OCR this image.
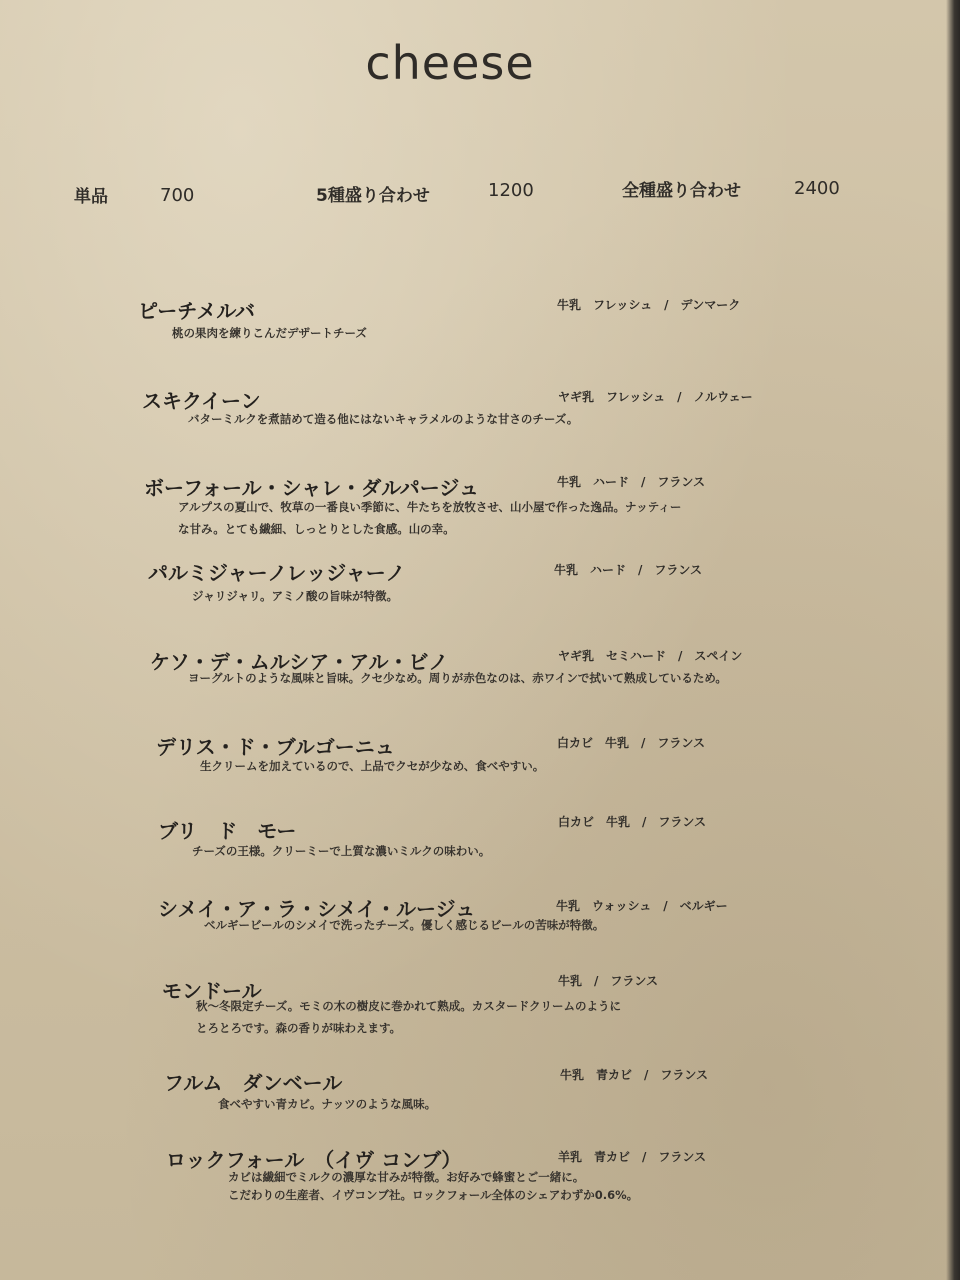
cheese
単品	700	5種盛り合わせ	1200	全種盛り合わせ	2400
ピーチメルバ	牛乳　フレッシュ　/　デンマーク
桃の果肉を練りこんだデザートチーズ
スキクイーン	ヤギ乳　フレッシュ　/　ノルウェー
バターミルクを煮詰めて造る他にはないキャラメルのような甘さのチーズ。
ボーフォール・シャレ・ダルパージュ	牛乳　ハード　/　フランス
アルプスの夏山で、牧草の一番良い季節に、牛たちを放牧させ、山小屋で作った逸品。ナッティー
な甘み。とても繊細、しっとりとした食感。山の幸。
パルミジャーノレッジャーノ	牛乳　ハード　/　フランス
ジャリジャリ。アミノ酸の旨味が特徴。
ケソ・デ・ムルシア・アル・ビノ	ヤギ乳　セミハード　/　スペイン
ヨーグルトのような風味と旨味。クセ少なめ。周りが赤色なのは、赤ワインで拭いて熟成しているため。
デリス・ド・ブルゴーニュ	白カビ　牛乳　/　フランス
生クリームを加えているので、上品でクセが少なめ、食べやすい。
ブリ　ド　モー	白カビ　牛乳　/　フランス
チーズの王様。クリーミーで上質な濃いミルクの味わい。
シメイ・ア・ラ・シメイ・ルージュ	牛乳　ウォッシュ　/　ベルギー
ベルギービールのシメイで洗ったチーズ。優しく感じるビールの苦味が特徴。
モンドール	牛乳　/　フランス
秋〜冬限定チーズ。モミの木の樹皮に巻かれて熟成。カスタードクリームのように
とろとろです。森の香りが味わえます。
フルム　ダンベール	牛乳　青カビ　/　フランス
食べやすい青カビ。ナッツのような風味。
ロックフォール　（イヴ コンブ）	羊乳　青カビ　/　フランス
カビは繊細でミルクの濃厚な甘みが特徴。お好みで蜂蜜とご一緒に。
こだわりの生産者、イヴコンブ社。ロックフォール全体のシェアわずか0.6%。
